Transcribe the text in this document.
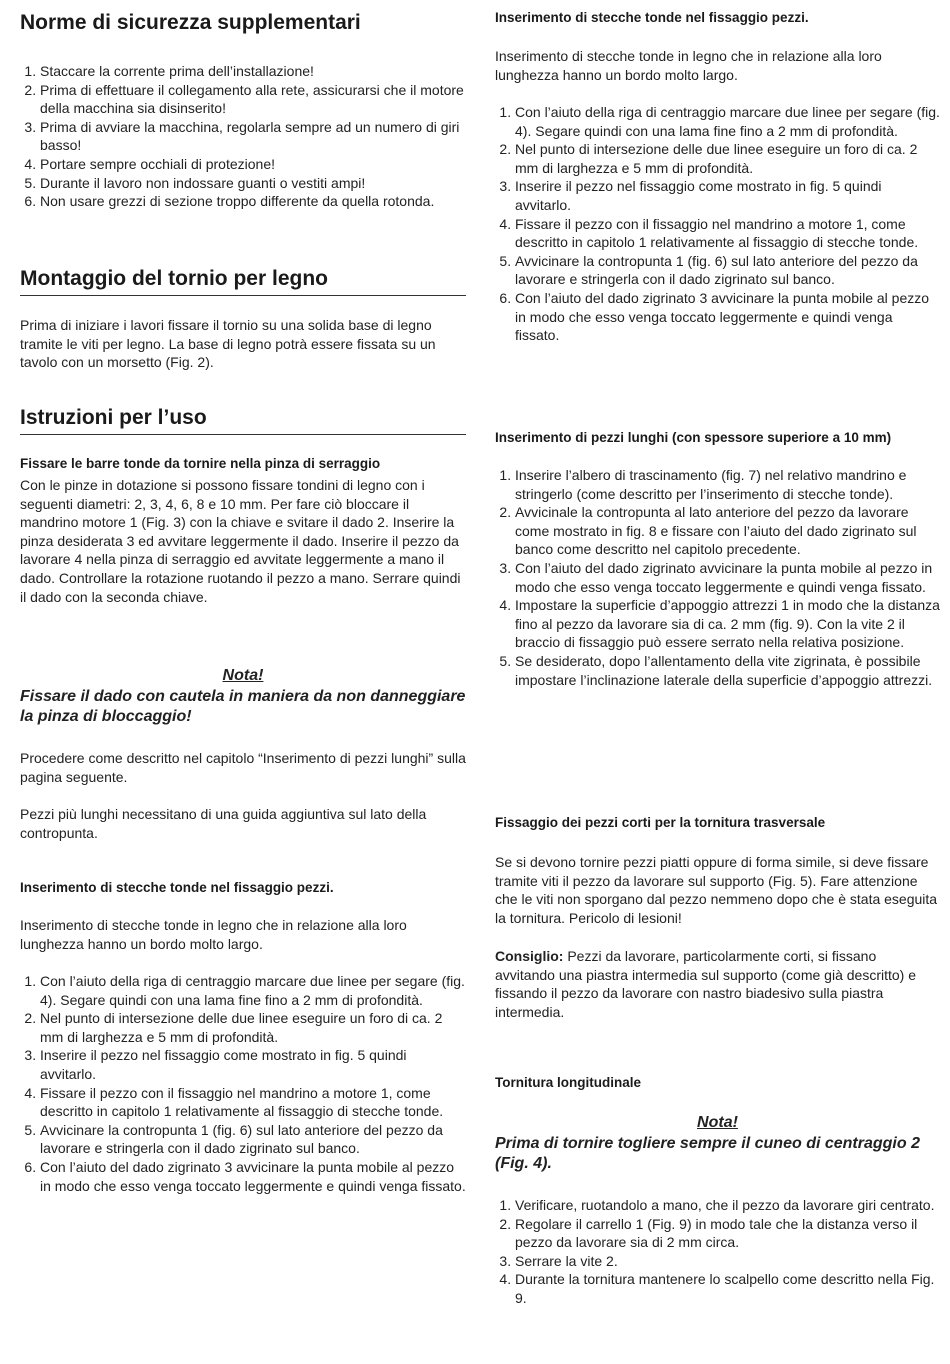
Norme di sicurezza supplementari
1. Staccare la corrente prima dell’installazione!
2. Prima di effettuare il collegamento alla rete, assicurarsi che il motore della macchina sia disinserito!
3. Prima di avviare la macchina, regolarla sempre ad un numero di giri basso!
4. Portare sempre occhiali di protezione!
5. Durante il lavoro non indossare guanti o vestiti ampi!
6. Non usare grezzi di sezione troppo differente da quella rotonda.
Montaggio del tornio per legno

Prima di iniziare i lavori fissare il tornio su una solida base di legno tramite le viti per legno. La base di legno potrà essere fissata su un tavolo con un morsetto (Fig. 2).

Istruzioni per l’uso
Fissare le barre tonde da tornire nella pinza di serraggio

Con le pinze in dotazione si possono fissare tondini di legno con i seguenti diametri: 2, 3, 4, 6, 8 e 10 mm. Per fare ciò bloccare il mandrino motore 1 (Fig. 3) con la chiave e svitare il dado 2. Inserire la pinza desiderata 3 ed avvitare leggermente il dado. Inserire il pezzo da lavorare 4 nella pinza di serraggio ed avvitate leggermente a mano il dado. Controllare la rotazione ruotando il pezzo a mano. Serrare quindi il dado con la seconda chiave.

Nota!

Fissare il dado con cautela in maniera da non danneggiare la pinza di bloccaggio!

Procedere come descritto nel capitolo “Inserimento di pezzi lunghi” sulla pagina seguente.

Pezzi più lunghi necessitano di una guida aggiuntiva sul lato della contropunta.

Inserimento di stecche tonde nel fissaggio pezzi.

Inserimento di stecche tonde in legno che in relazione alla loro lunghezza hanno un bordo molto largo.

1. Con l’aiuto della riga di centraggio marcare due linee per segare (fig. 4). Segare quindi con una lama fine fino a 2 mm di profondità.
2. Nel punto di intersezione delle due linee eseguire un foro di ca. 2 mm di larghezza e 5 mm di profondità.
3. Inserire il pezzo nel fissaggio come mostrato in fig. 5 quindi avvitarlo.
4. Fissare il pezzo con il fissaggio nel mandrino a motore 1, come descritto in capitolo 1 relativamente al fissaggio di stecche tonde.
5. Avvicinare la contropunta 1 (fig. 6) sul lato anteriore del pezzo da lavorare e stringerla con il dado zigrinato sul banco.
6. Con l’aiuto del dado zigrinato 3 avvicinare la punta mobile al pezzo in modo che esso venga toccato leggermente e quindi venga fissato.
Inserimento di stecche tonde nel fissaggio pezzi.

Inserimento di stecche tonde in legno che in relazione alla loro lunghezza hanno un bordo molto largo.

1. Con l’aiuto della riga di centraggio marcare due linee per segare (fig. 4). Segare quindi con una lama fine fino a 2 mm di profondità.
2. Nel punto di intersezione delle due linee eseguire un foro di ca. 2 mm di larghezza e 5 mm di profondità.
3. Inserire il pezzo nel fissaggio come mostrato in fig. 5 quindi avvitarlo.
4. Fissare il pezzo con il fissaggio nel mandrino a motore 1, come descritto in capitolo 1 relativamente al fissaggio di stecche tonde.
5. Avvicinare la contropunta 1 (fig. 6) sul lato anteriore del pezzo da lavorare e stringerla con il dado zigrinato sul banco.
6. Con l’aiuto del dado zigrinato 3 avvicinare la punta mobile al pezzo in modo che esso venga toccato leggermente e quindi venga fissato.
Inserimento di pezzi lunghi (con spessore superiore a 10 mm)
1. Inserire l’albero di trascinamento (fig. 7) nel relativo mandrino e stringerlo (come descritto per l’inserimento di stecche tonde).
2. Avvicinale la contropunta al lato anteriore del pezzo da lavorare come mostrato in fig. 8 e fissare con l’aiuto del dado zigrinato sul banco come descritto nel capitolo precedente.
3. Con l’aiuto del dado zigrinato avvicinare la punta mobile al pezzo in modo che esso venga toccato leggermente e quindi venga fissato.
4. Impostare la superficie d’appoggio attrezzi 1 in modo che la distanza fino al pezzo da lavorare sia di ca. 2 mm (fig. 9). Con la vite 2 il braccio di fissaggio può essere serrato nella relativa posizione.
5. Se desiderato, dopo l’allentamento della vite zigrinata, è possibile impostare l’inclinazione laterale della superficie d’appoggio attrezzi.
Fissaggio dei pezzi corti per la tornitura trasversale

Se si devono tornire pezzi piatti oppure di forma simile, si deve fissare tramite viti il pezzo da lavorare sul supporto (Fig. 5). Fare attenzione che le viti non sporgano dal pezzo nemmeno dopo che è stata eseguita la tornitura. Pericolo di lesioni!

Consiglio: Pezzi da lavorare, particolarmente corti, si fissano avvitando una piastra intermedia sul supporto (come già descritto) e fissando il pezzo da lavorare con nastro biadesivo sulla piastra intermedia.

Tornitura longitudinale

Nota!

Prima di tornire togliere sempre il cuneo di centraggio 2 (Fig. 4).

1. Verificare, ruotandolo a mano, che il pezzo da lavorare giri centrato.
2. Regolare il carrello 1 (Fig. 9) in modo tale che la distanza verso il pezzo da lavorare sia di 2 mm circa.
3. Serrare la vite 2.
4. Durante la tornitura mantenere lo scalpello come descritto nella Fig. 9.
